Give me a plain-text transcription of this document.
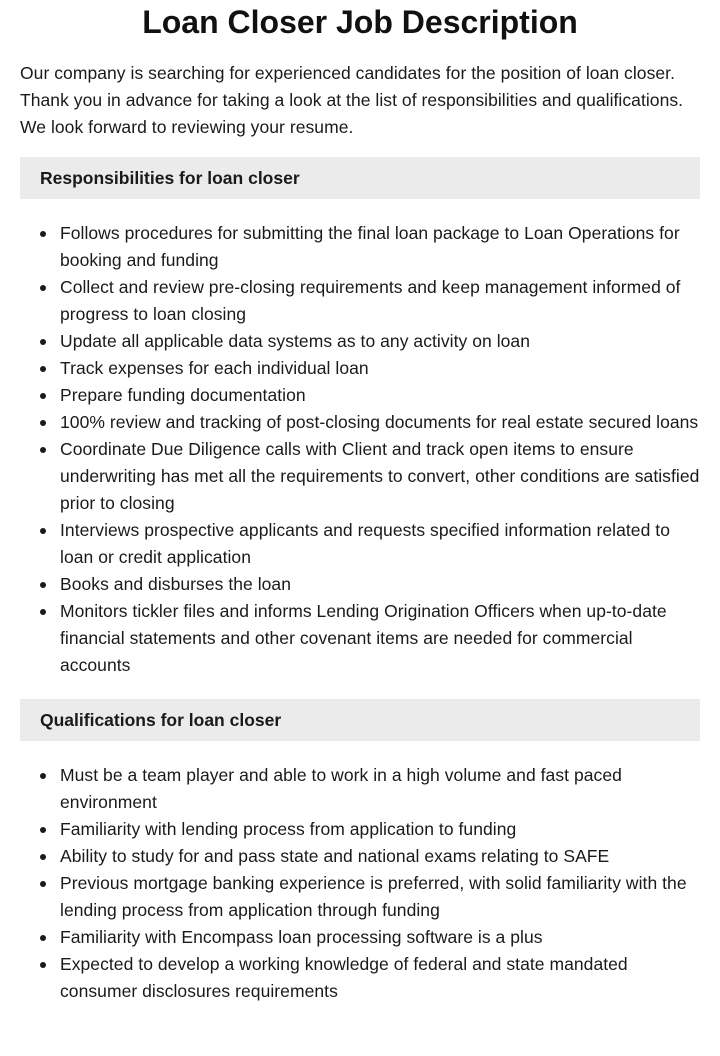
Loan Closer Job Description

Our company is searching for experienced candidates for the position of loan closer. Thank you in advance for taking a look at the list of responsibilities and qualifications. We look forward to reviewing your resume.

Responsibilities for loan closer
Follows procedures for submitting the final loan package to Loan Operations for booking and funding
Collect and review pre-closing requirements and keep management informed of progress to loan closing
Update all applicable data systems as to any activity on loan
Track expenses for each individual loan
Prepare funding documentation
100% review and tracking of post-closing documents for real estate secured loans
Coordinate Due Diligence calls with Client and track open items to ensure underwriting has met all the requirements to convert, other conditions are satisfied prior to closing
Interviews prospective applicants and requests specified information related to loan or credit application
Books and disburses the loan
Monitors tickler files and informs Lending Origination Officers when up-to-date financial statements and other covenant items are needed for commercial accounts
Qualifications for loan closer
Must be a team player and able to work in a high volume and fast paced environment
Familiarity with lending process from application to funding
Ability to study for and pass state and national exams relating to SAFE
Previous mortgage banking experience is preferred, with solid familiarity with the lending process from application through funding
Familiarity with Encompass loan processing software is a plus
Expected to develop a working knowledge of federal and state mandated consumer disclosures requirements
